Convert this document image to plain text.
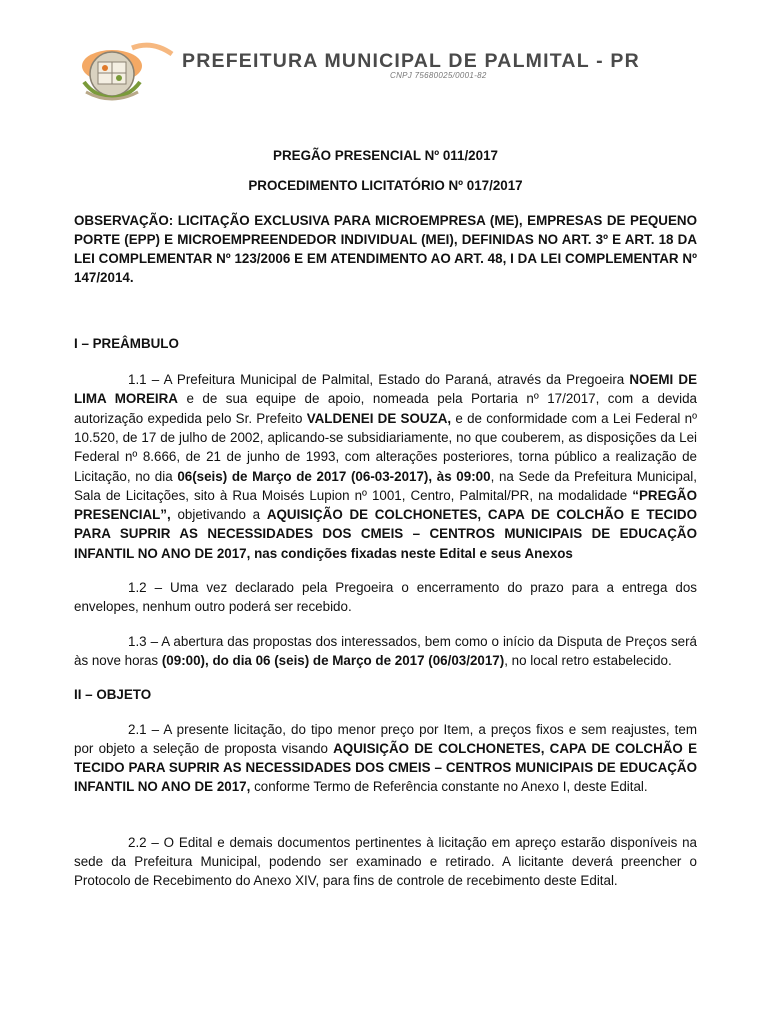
PREFEITURA MUNICIPAL DE PALMITAL - PR
CNPJ 75680025/0001-82
PREGÃO PRESENCIAL Nº 011/2017
PROCEDIMENTO LICITATÓRIO Nº 017/2017
OBSERVAÇÃO: LICITAÇÃO EXCLUSIVA PARA MICROEMPRESA (ME), EMPRESAS DE PEQUENO PORTE (EPP) E MICROEMPREENDEDOR INDIVIDUAL (MEI), DEFINIDAS NO ART. 3º E ART. 18 DA LEI COMPLEMENTAR Nº 123/2006 E EM ATENDIMENTO AO ART. 48, I DA LEI COMPLEMENTAR Nº 147/2014.
I – PREÂMBULO

1.1 – A Prefeitura Municipal de Palmital, Estado do Paraná, através da Pregoeira NOEMI DE LIMA MOREIRA e de sua equipe de apoio, nomeada pela Portaria nº 17/2017, com a devida autorização expedida pelo Sr. Prefeito VALDENEI DE SOUZA, e de conformidade com a Lei Federal nº 10.520, de 17 de julho de 2002, aplicando-se subsidiariamente, no que couberem, as disposições da Lei Federal nº 8.666, de 21 de junho de 1993, com alterações posteriores, torna público a realização de Licitação, no dia 06(seis) de Março de 2017 (06-03-2017), às 09:00, na Sede da Prefeitura Municipal, Sala de Licitações, sito à Rua Moisés Lupion nº 1001, Centro, Palmital/PR, na modalidade “PREGÃO PRESENCIAL”, objetivando a AQUISIÇÃO DE COLCHONETES, CAPA DE COLCHÃO E TECIDO PARA SUPRIR AS NECESSIDADES DOS CMEIS – CENTROS MUNICIPAIS DE EDUCAÇÃO INFANTIL NO ANO DE 2017, nas condições fixadas neste Edital e seus Anexos

1.2 – Uma vez declarado pela Pregoeira o encerramento do prazo para a entrega dos envelopes, nenhum outro poderá ser recebido.

1.3 – A abertura das propostas dos interessados, bem como o início da Disputa de Preços será às nove horas (09:00), do dia 06 (seis) de Março de 2017 (06/03/2017), no local retro estabelecido.

II – OBJETO

2.1 – A presente licitação, do tipo menor preço por Item, a preços fixos e sem reajustes, tem por objeto a seleção de proposta visando AQUISIÇÃO DE COLCHONETES, CAPA DE COLCHÃO E TECIDO PARA SUPRIR AS NECESSIDADES DOS CMEIS – CENTROS MUNICIPAIS DE EDUCAÇÃO INFANTIL NO ANO DE 2017, conforme Termo de Referência constante no Anexo I, deste Edital.

2.2 – O Edital e demais documentos pertinentes à licitação em apreço estarão disponíveis na sede da Prefeitura Municipal, podendo ser examinado e retirado. A licitante deverá preencher o Protocolo de Recebimento do Anexo XIV, para fins de controle de recebimento deste Edital.
